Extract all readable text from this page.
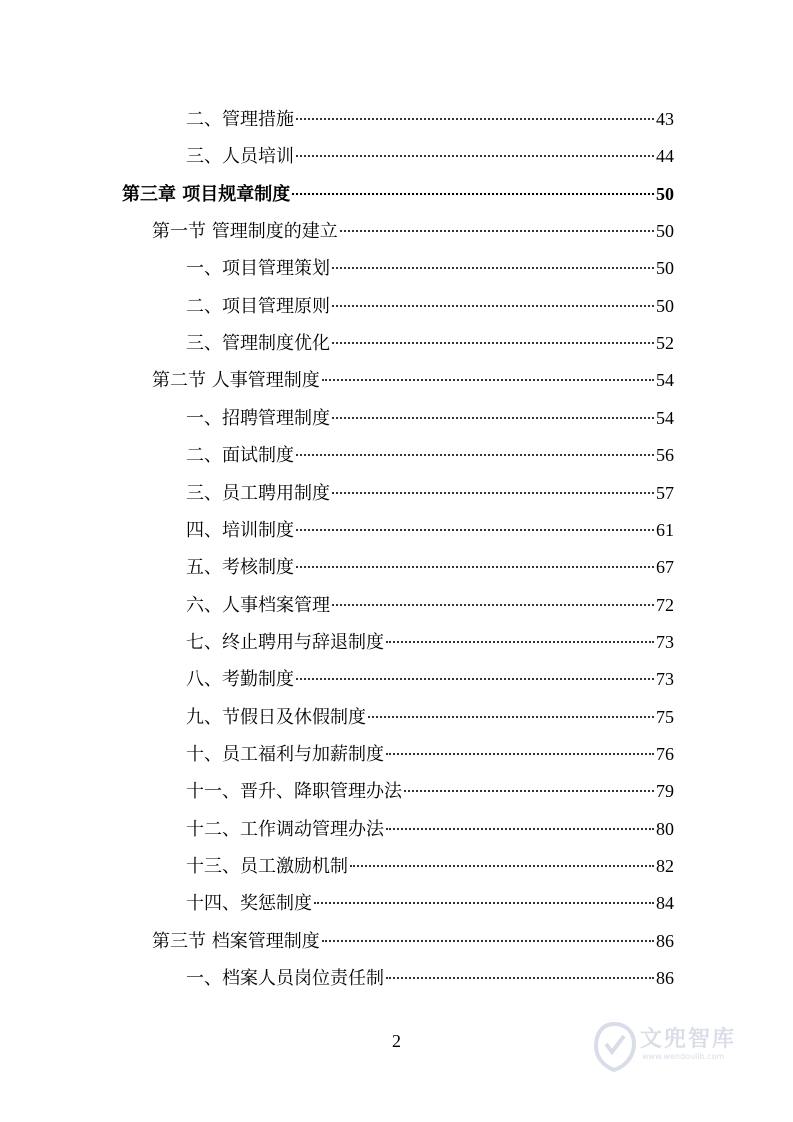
二、管理措施	43
三、人员培训	44
第三章 项目规章制度	50
第一节 管理制度的建立	50
一、项目管理策划	50
二、项目管理原则	50
三、管理制度优化	52
第二节 人事管理制度	54
一、招聘管理制度	54
二、面试制度	56
三、员工聘用制度	57
四、培训制度	61
五、考核制度	67
六、人事档案管理	72
七、终止聘用与辞退制度	73
八、考勤制度	73
九、节假日及休假制度	75
十、员工福利与加薪制度	76
十一、晋升、降职管理办法	79
十二、工作调动管理办法	80
十三、员工激励机制	82
十四、奖惩制度	84
第三节 档案管理制度	86
一、档案人员岗位责任制	86
2	文兜智库
www.wendoulib.com
